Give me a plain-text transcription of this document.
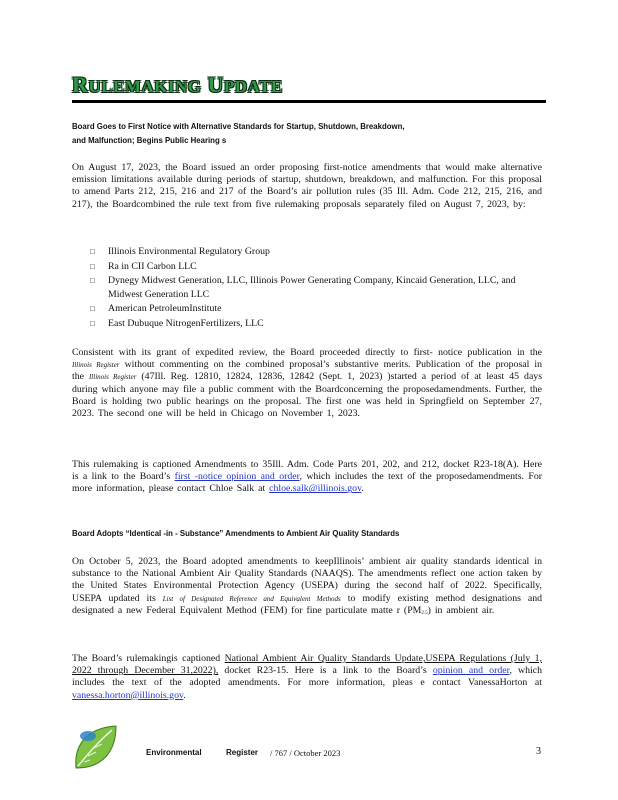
RULEMAKING UPDATE
Board Goes to First Notice with Alternative Standards for Startup, Shutdown, Breakdown,
and Malfunction; Begins Public Hearing s
On August 17, 2023, the Board issued an order proposing first-notice amendments that would make alternative emission limitations available during periods of startup, shutdown, breakdown, and malfunction. For this proposal to amend Parts 212, 215, 216 and 217 of the Board’s air pollution rules (35 Ill. Adm. Code 212, 215, 216, and 217), the Boardcombined the rule text from five rulemaking proposals separately filed on August 7, 2023, by:
□ Illinois Environmental Regulatory Group
□ Ra in CII Carbon LLC
□ Dynegy Midwest Generation, LLC, Illinois Power Generating Company, Kincaid Generation, LLC, and Midwest Generation LLC
□ American PetroleumInstitute
□ East Dubuque NitrogenFertilizers, LLC
Consistent with its grant of expedited review, the Board proceeded directly to first- notice publication in the Illinois Register without commenting on the combined proposal’s substantive merits. Publication of the proposal in the Illinois Register (47Ill. Reg. 12810, 12824, 12836, 12842 (Sept. 1, 2023) )started a period of at least 45 days during which anyone may file a public comment with the Boardconcerning the proposedamendments. Further, the Board is holding two public hearings on the proposal. The first one was held in Springfield on September 27, 2023. The second one will be held in Chicago on November 1, 2023.
This rulemaking is captioned Amendments to 35Ill. Adm. Code Parts 201, 202, and 212, docket R23-18(A). Here is a link to the Board’s first -notice opinion and order, which includes the text of the proposedamendments. For more information, please contact Chloe Salk at chloe.salk@illinois.gov.
Board Adopts “Identical -in - Substance” Amendments to Ambient Air Quality Standards
On October 5, 2023, the Board adopted amendments to keepIllinois’ ambient air quality standards identical in substance to the National Ambient Air Quality Standards (NAAQS). The amendments reflect one action taken by the United States Environmental Protection Agency (USEPA) during the second half of 2022. Specifically, USEPA updated its List of Designated Reference and Equivalent Methods to modify existing method designations and designated a new Federal Equivalent Method (FEM) for fine particulate matte r (PM2.5) in ambient air.
The Board’s rulemakingis captioned National Ambient Air Quality Standards Update,USEPA Regulations (July 1, 2022 through December 31,2022), docket R23-15. Here is a link to the Board’s opinion and order, which includes the text of the adopted amendments. For more information, pleas e contact VanessaHorton at vanessa.horton@illinois.gov.
Environmental	Register / 767 / October 2023	3
